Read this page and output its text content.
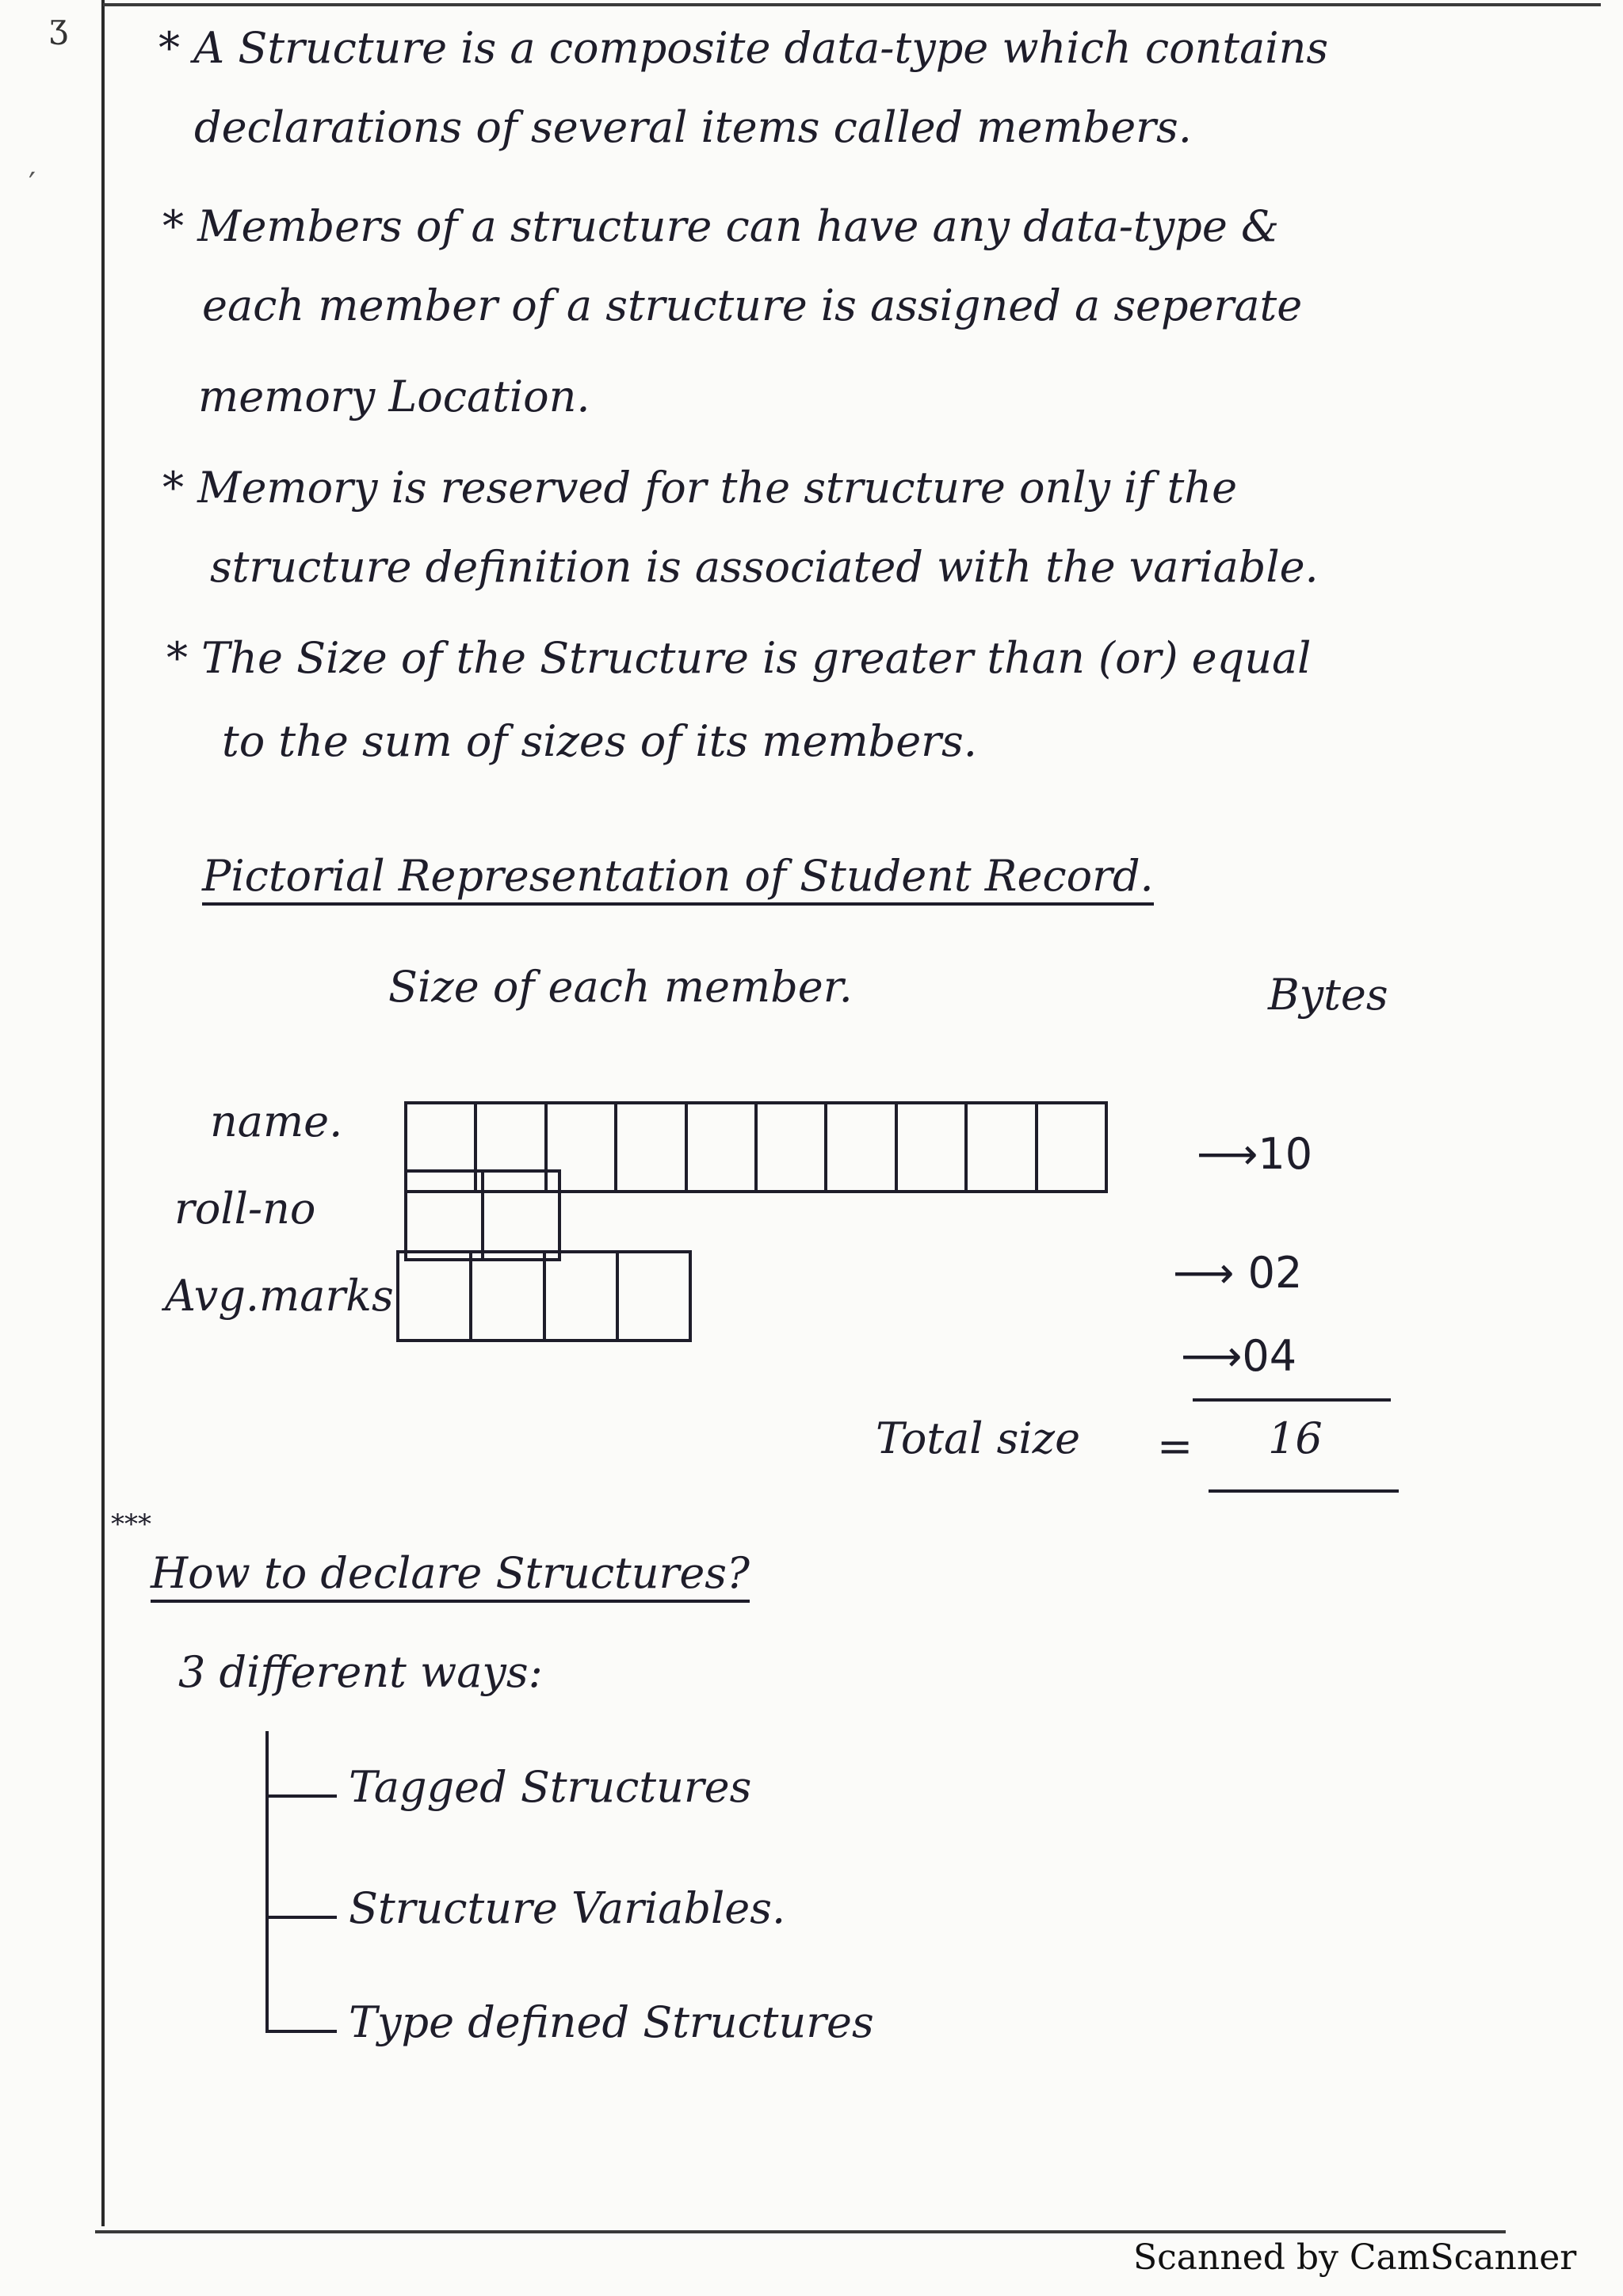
ʒ
′
* A Structure is a composite data-type which contains
declarations of several items called members.
* Members of a structure can have any data-type &
each member of a structure is assigned a seperate
memory Location.
* Memory is reserved for the structure only if the
structure definition is associated with the variable.
* The Size of the Structure is greater than (or) equal
to the sum of sizes of its members.
Pictorial Representation of Student Record.
Size of each member.	Bytes
name.
roll-no
Avg.marks
⟶10
⟶ 02
⟶04
Total size = 16
***
How to declare Structures?
3 different ways:
Tagged Structures
Structure Variables.
Type defined Structures
Scanned by CamScanner
